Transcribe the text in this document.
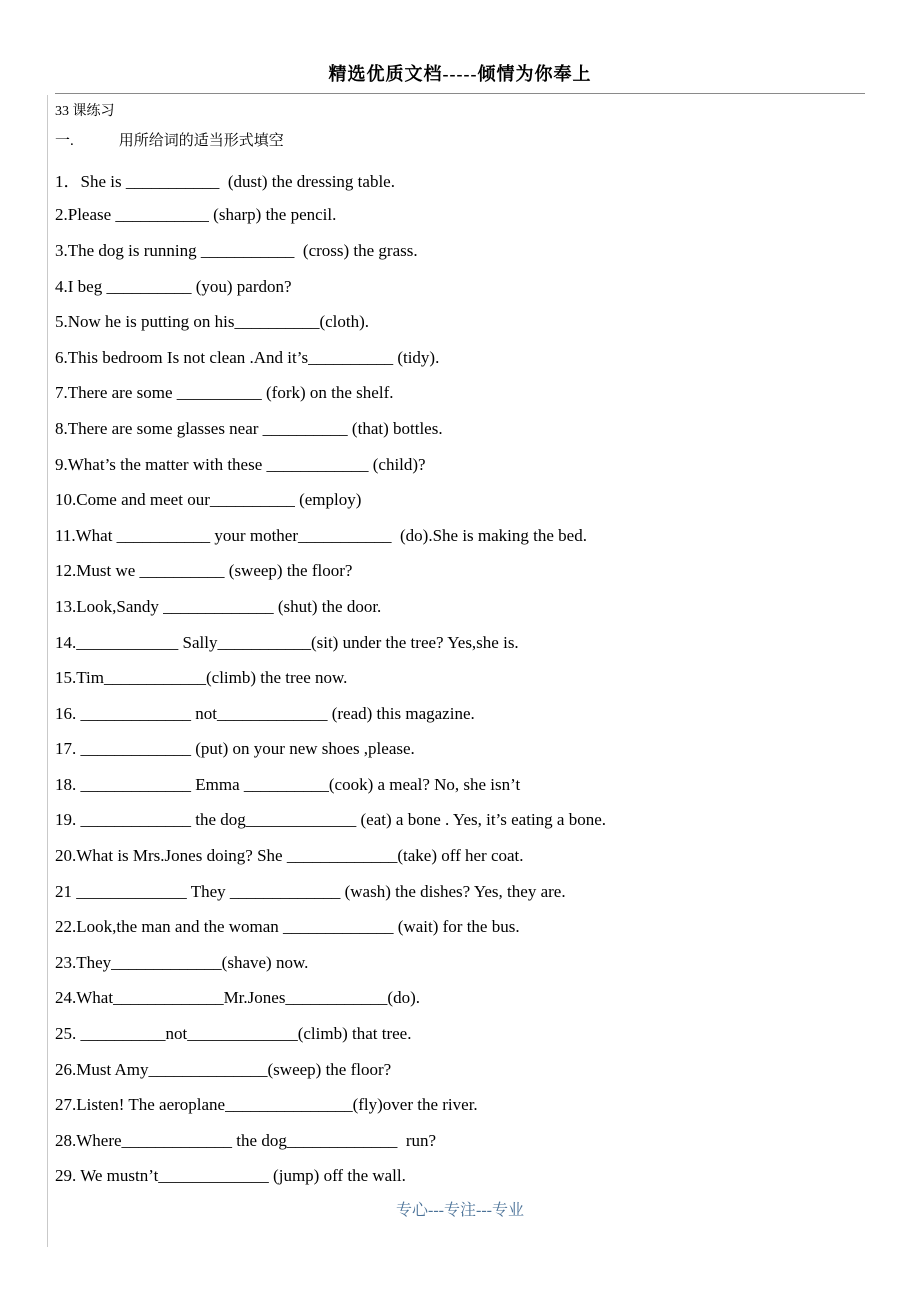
精选优质文档-----倾情为你奉上
33 课练习
一.	用所给词的适当形式填空
1．She is ___________  (dust) the dressing table.
2.Please ___________ (sharp) the pencil.
3.The dog is running ___________  (cross) the grass.
4.I beg __________ (you) pardon?
5.Now he is putting on his__________(cloth).
6.This bedroom Is not clean .And it’s__________ (tidy).
7.There are some __________ (fork) on the shelf.
8.There are some glasses near __________ (that) bottles.
9.What’s the matter with these ____________ (child)?
10.Come and meet our__________ (employ)
11.What ___________ your mother___________  (do).She is making the bed.
12.Must we __________ (sweep) the floor?
13.Look,Sandy _____________ (shut) the door.
14.____________ Sally___________(sit) under the tree? Yes,she is.
15.Tim____________(climb) the tree now.
16. _____________ not_____________ (read) this magazine.
17. _____________ (put) on your new shoes ,please.
18. _____________ Emma __________(cook) a meal? No, she isn’t
19. _____________ the dog_____________ (eat) a bone . Yes, it’s eating a bone.
20.What is Mrs.Jones doing? She _____________(take) off her coat.
21 _____________ They _____________ (wash) the dishes? Yes, they are.
22.Look,the man and the woman _____________ (wait) for the bus.
23.They_____________(shave) now.
24.What_____________Mr.Jones____________(do).
25. __________not_____________(climb) that tree.
26.Must Amy______________(sweep) the floor?
27.Listen! The aeroplane_______________(fly)over the river.
28.Where_____________ the dog_____________  run?
29. We mustn’t_____________ (jump) off the wall.
专心---专注---专业
